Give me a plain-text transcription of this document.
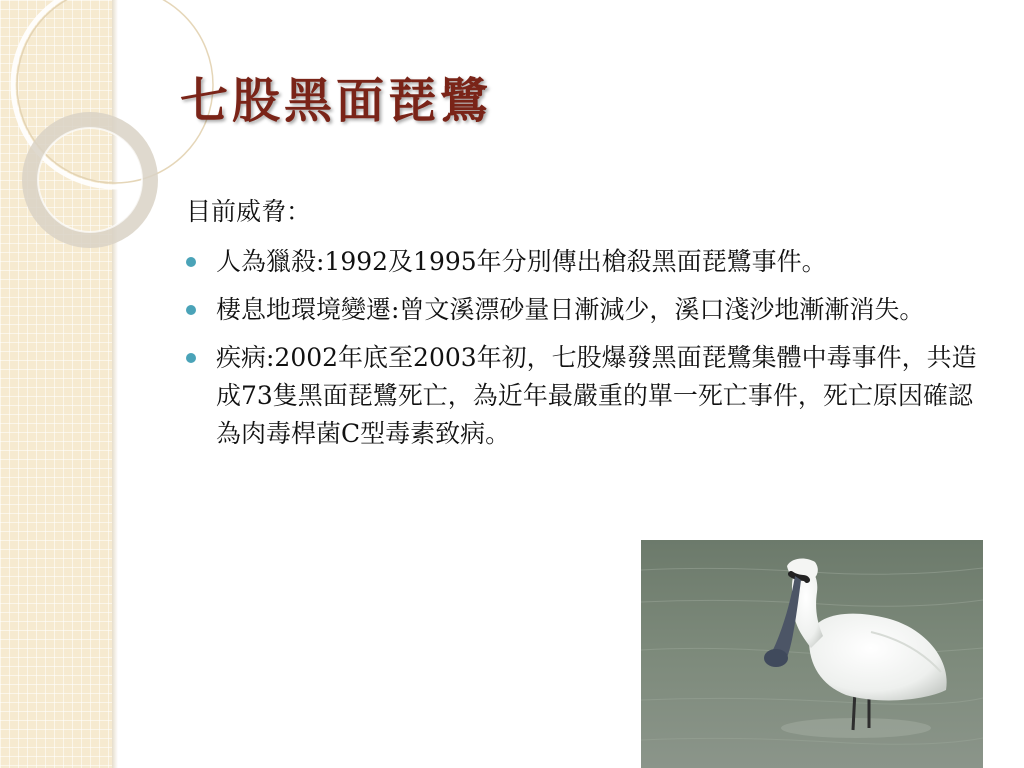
七股黑面琵鷺

目前威脅：

人為獵殺:1992及1995年分別傳出槍殺黑面琵鷺事件。
棲息地環境變遷:曾文溪漂砂量日漸減少，溪口淺沙地漸漸消失。
疾病:2002年底至2003年初，七股爆發黑面琵鷺集體中毒事件，共造成73隻黑面琵鷺死亡，為近年最嚴重的單一死亡事件，死亡原因確認為肉毒桿菌C型毒素致病。
